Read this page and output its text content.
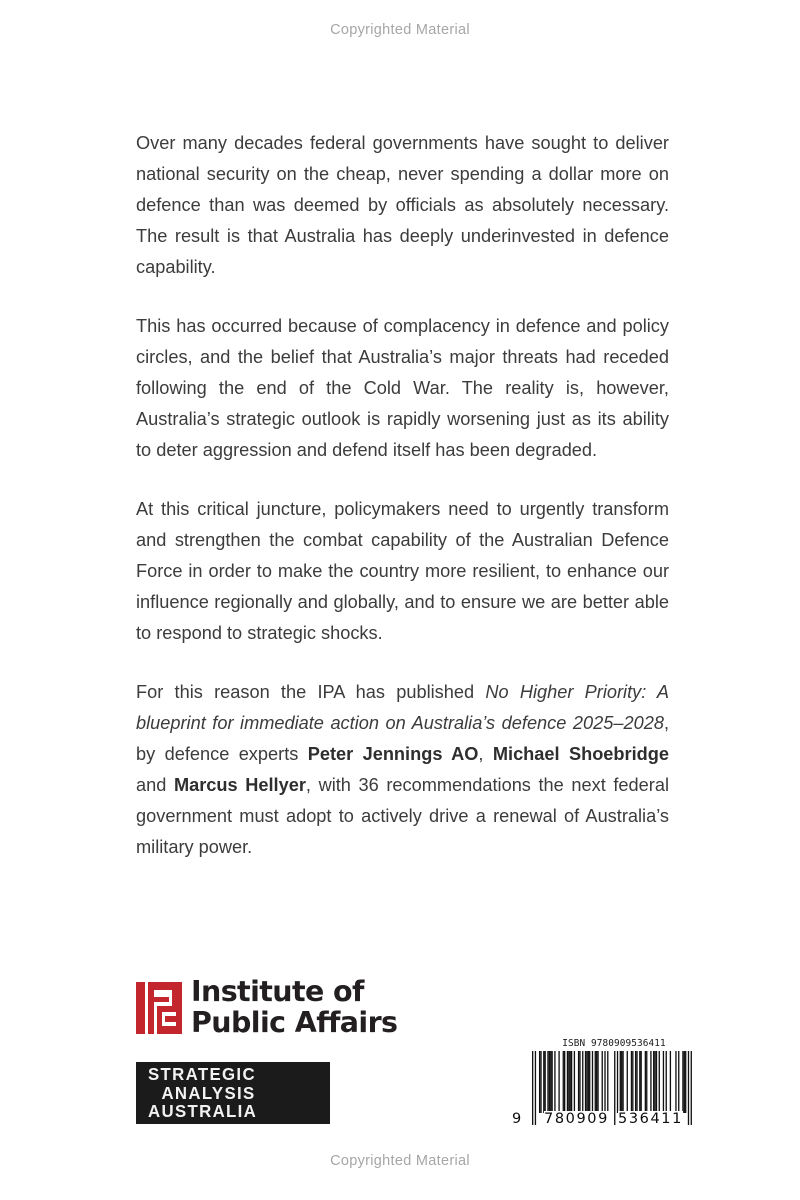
Copyrighted Material

Over many decades federal governments have sought to deliver national security on the cheap, never spending a dollar more on defence than was deemed by officials as absolutely necessary. The result is that Australia has deeply underinvested in defence capability.

This has occurred because of complacency in defence and policy circles, and the belief that Australia’s major threats had receded following the end of the Cold War. The reality is, however, Australia’s strategic outlook is rapidly worsening just as its ability to deter aggression and defend itself has been degraded.

At this critical juncture, policymakers need to urgently transform and strengthen the combat capability of the Australian Defence Force in order to make the country more resilient, to enhance our influence regionally and globally, and to ensure we are better able to respond to strategic shocks.

For this reason the IPA has published No Higher Priority: A blueprint for immediate action on Australia’s defence 2025–2028, by defence experts Peter Jennings AO, Michael Shoebridge and Marcus Hellyer, with 36 recommendations the next federal government must adopt to actively drive a renewal of Australia’s military power.

Institute of
Public Affairs
STRATEGIC
ANALYSIS
AUSTRALIA
ISBN 9780909536411
9 780909 536411
Copyrighted Material
